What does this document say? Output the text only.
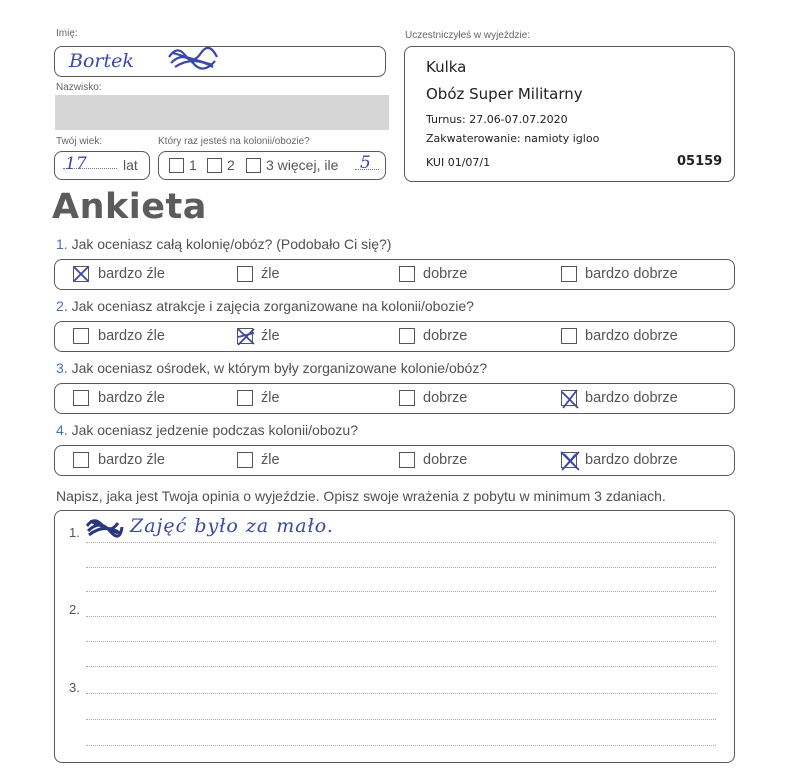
Imię:
Bortek
Nazwisko:
Twój wiek:	Który raz jesteś na kolonii/obozie?
17	lat	1 2 3 więcej, ile 5
Uczestniczyłeś w wyjeździe:
Kulka
Obóz Super Militarny
Turnus: 27.06-07.07.2020
Zakwaterowanie: namioty igloo
KUI 01/07/1	05159
Ankieta
1. Jak oceniasz całą kolonię/obóz? (Podobało Ci się?)
bardzo źle	źle	dobrze	bardzo dobrze
2. Jak oceniasz atrakcje i zajęcia zorganizowane na kolonii/obozie?
bardzo źle	źle	dobrze	bardzo dobrze
3. Jak oceniasz ośrodek, w którym były zorganizowane kolonie/obóz?
bardzo źle	źle	dobrze	bardzo dobrze
4. Jak oceniasz jedzenie podczas kolonii/obozu?
bardzo źle	źle	dobrze	bardzo dobrze
Napisz, jaka jest Twoja opinia o wyjeździe. Opisz swoje wrażenia z pobytu w minimum 3 zdaniach.
1.	Zajęć było za mało.
2.
3.
